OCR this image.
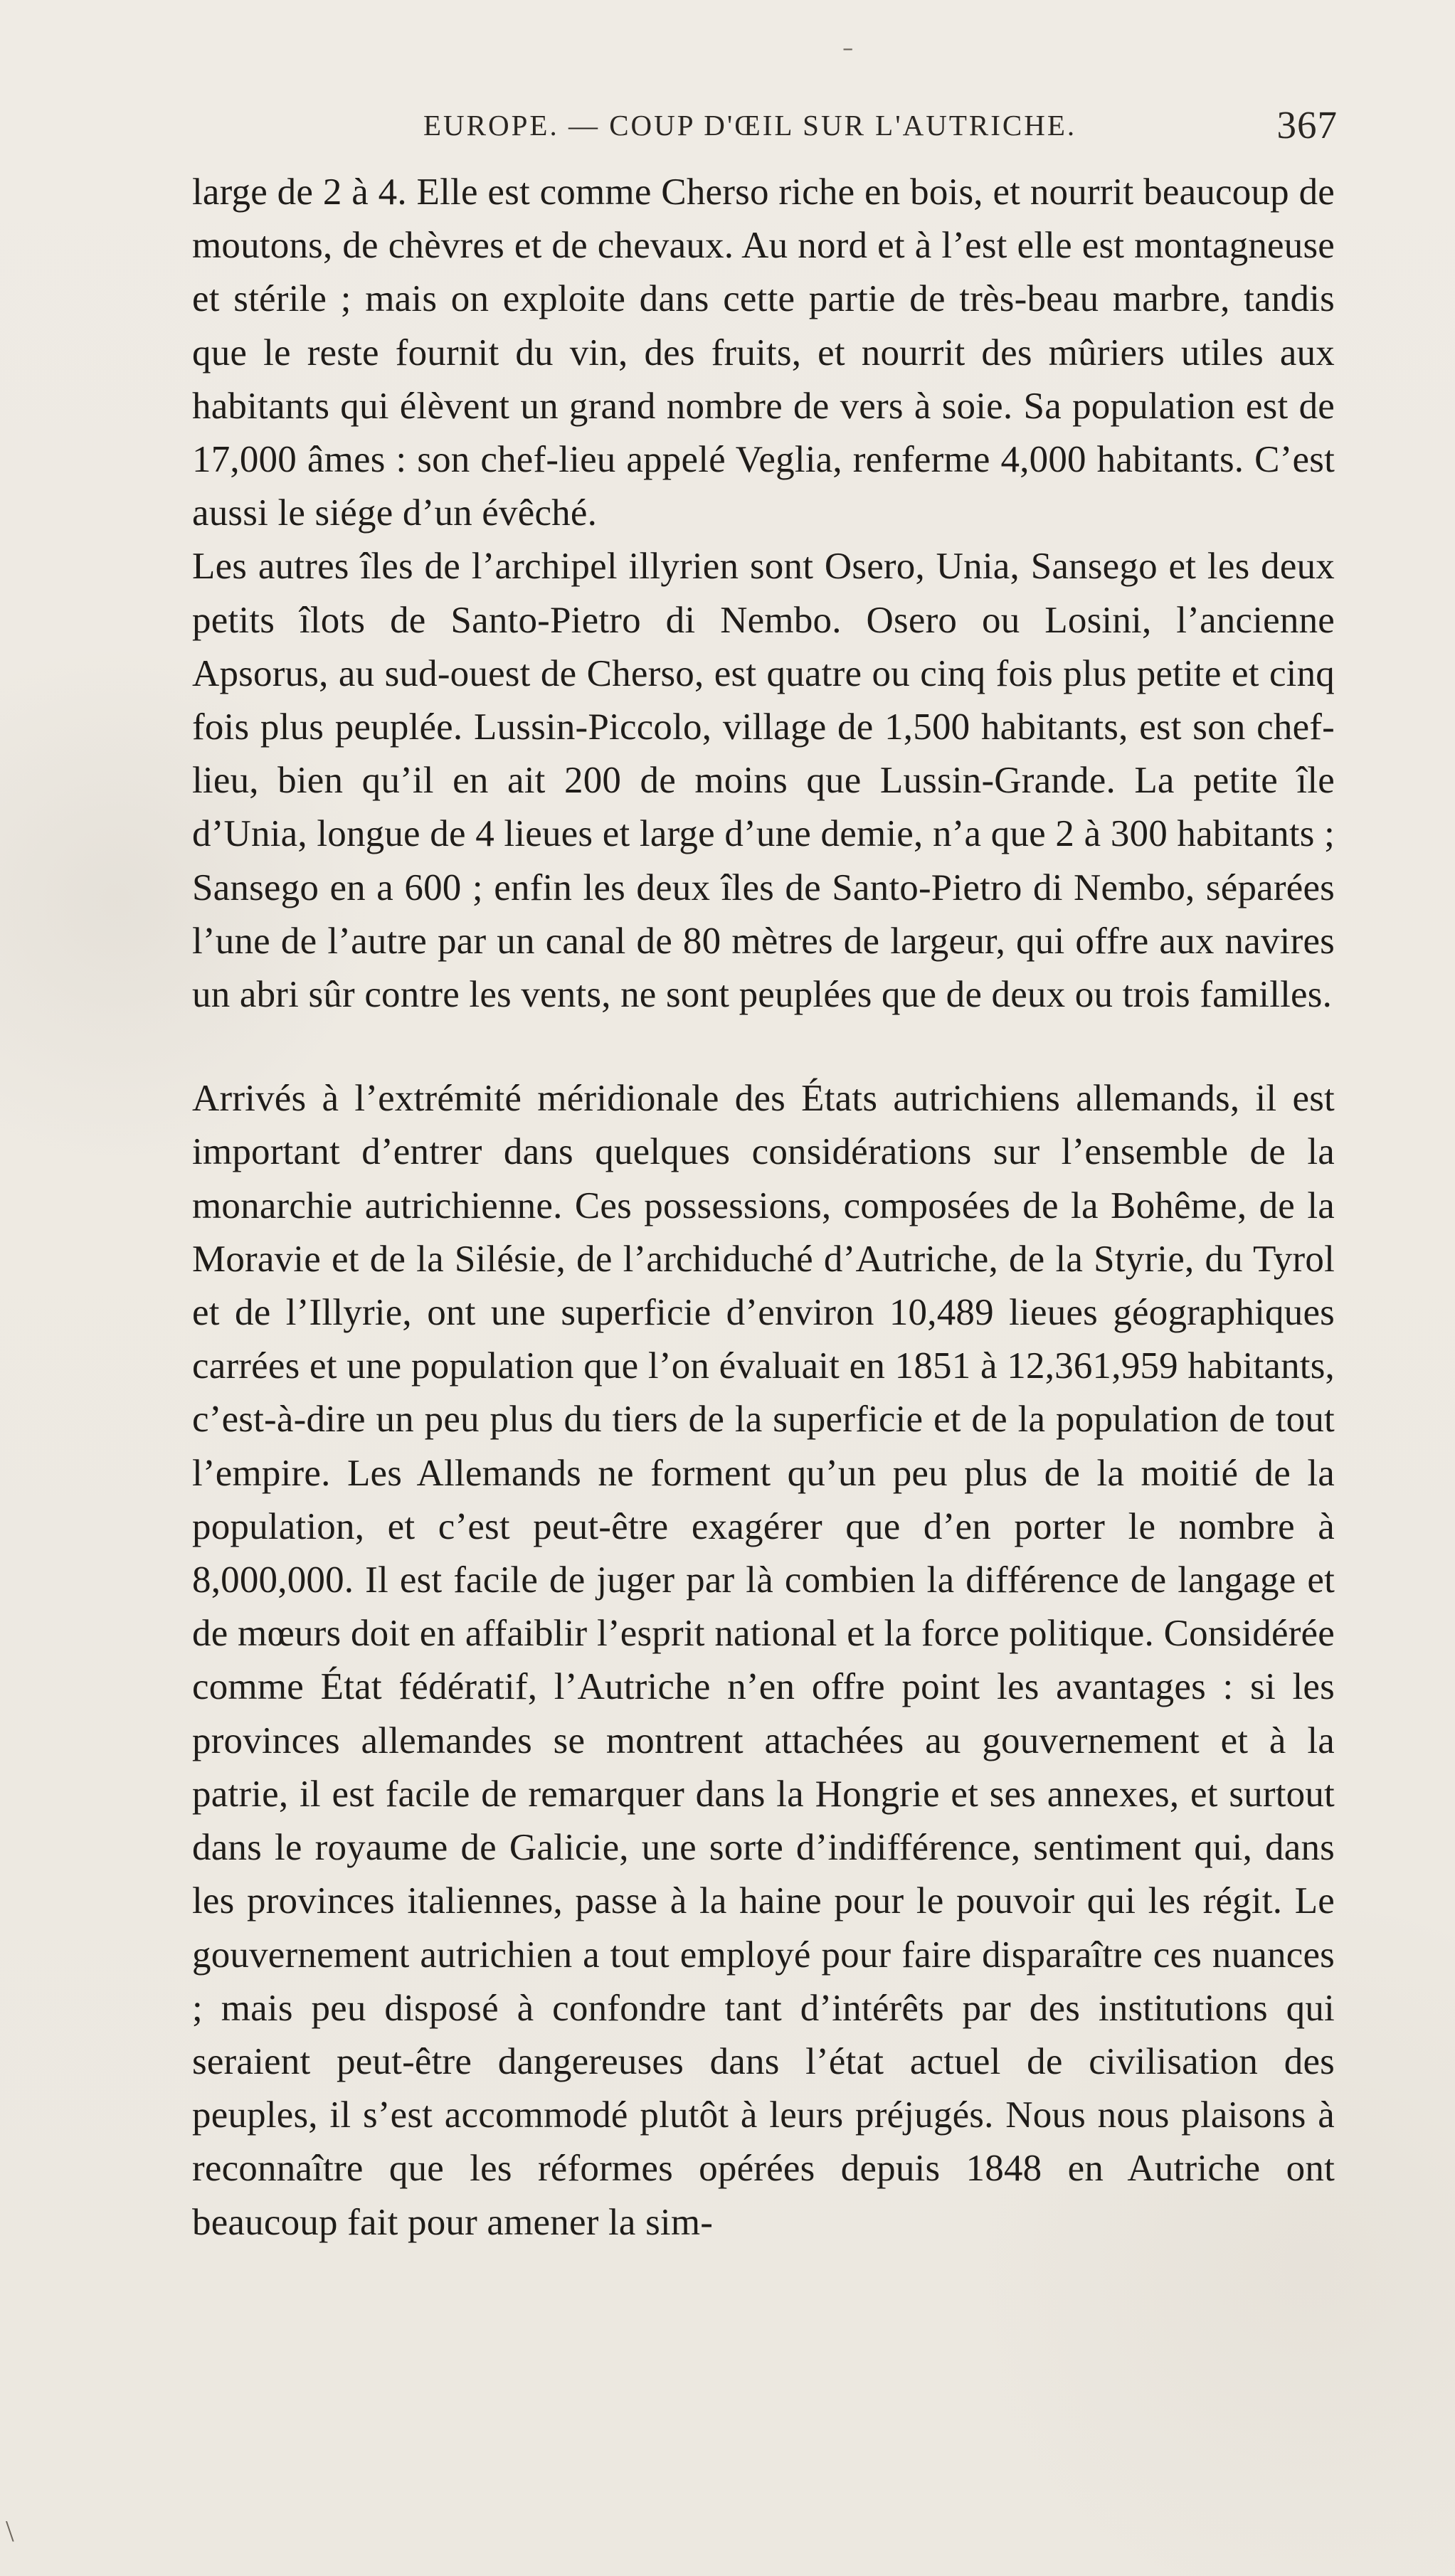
˗
EUROPE. — COUP D'ŒIL SUR L'AUTRICHE.	367

large de 2 à 4. Elle est comme Cherso riche en bois, et nourrit beaucoup de moutons, de chèvres et de chevaux. Au nord et à l’est elle est montagneuse et stérile ; mais on exploite dans cette partie de très-beau marbre, tandis que le reste fournit du vin, des fruits, et nourrit des mûriers utiles aux habitants qui élèvent un grand nombre de vers à soie. Sa population est de 17,000 âmes : son chef-lieu appelé Veglia, renferme 4,000 habitants. C’est aussi le siége d’un évêché.

Les autres îles de l’archipel illyrien sont Osero, Unia, Sansego et les deux petits îlots de Santo-Pietro di Nembo. Osero ou Losini, l’ancienne Apsorus, au sud-ouest de Cherso, est quatre ou cinq fois plus petite et cinq fois plus peuplée. Lussin-Piccolo, village de 1,500 habitants, est son chef-lieu, bien qu’il en ait 200 de moins que Lussin-Grande. La petite île d’Unia, longue de 4 lieues et large d’une demie, n’a que 2 à 300 habitants ; Sansego en a 600 ; enfin les deux îles de Santo-Pietro di Nembo, séparées l’une de l’autre par un canal de 80 mètres de largeur, qui offre aux navires un abri sûr contre les vents, ne sont peuplées que de deux ou trois familles.

Arrivés à l’extrémité méridionale des États autrichiens allemands, il est important d’entrer dans quelques considérations sur l’ensemble de la monarchie autrichienne. Ces possessions, composées de la Bohême, de la Moravie et de la Silésie, de l’archiduché d’Autriche, de la Styrie, du Tyrol et de l’Illyrie, ont une superficie d’environ 10,489 lieues géographiques carrées et une population que l’on évaluait en 1851 à 12,361,959 habitants, c’est-à-dire un peu plus du tiers de la superficie et de la population de tout l’empire. Les Allemands ne forment qu’un peu plus de la moitié de la population, et c’est peut-être exagérer que d’en porter le nombre à 8,000,000. Il est facile de juger par là combien la différence de langage et de mœurs doit en affaiblir l’esprit national et la force politique. Considérée comme État fédératif, l’Autriche n’en offre point les avantages : si les provinces allemandes se montrent attachées au gouvernement et à la patrie, il est facile de remarquer dans la Hongrie et ses annexes, et surtout dans le royaume de Galicie, une sorte d’indifférence, sentiment qui, dans les provinces italiennes, passe à la haine pour le pouvoir qui les régit. Le gouvernement autrichien a tout employé pour faire disparaître ces nuances ; mais peu disposé à confondre tant d’intérêts par des institutions qui seraient peut-être dangereuses dans l’état actuel de civilisation des peuples, il s’est accommodé plutôt à leurs préjugés. Nous nous plaisons à reconnaître que les réformes opérées depuis 1848 en Autriche ont beaucoup fait pour amener la sim-

\
